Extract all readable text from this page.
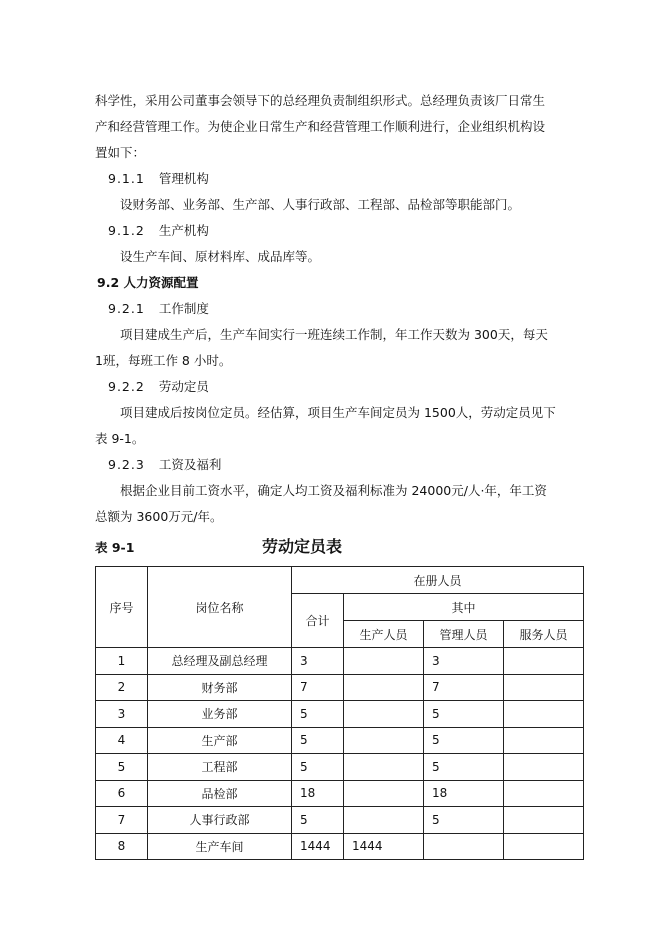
科学性，采用公司董事会领导下的总经理负责制组织形式。总经理负责该厂日常生
产和经营管理工作。为使企业日常生产和经营管理工作顺利进行，企业组织机构设
置如下：
9.1.1 管理机构
设财务部、业务部、生产部、人事行政部、工程部、品检部等职能部门。
9.1.2 生产机构
设生产车间、原材料库、成品库等。
9.2 人力资源配置
9.2.1 工作制度
项目建成生产后，生产车间实行一班连续工作制，年工作天数为 300天，每天
1班，每班工作 8 小时。
9.2.2 劳动定员
项目建成后按岗位定员。经估算，项目生产车间定员为 1500人，劳动定员见下
表 9-1。
9.2.3 工资及福利
根据企业目前工资水平，确定人均工资及福利标准为 24000元/人·年，年工资
总额为 3600万元/年。
表 9-1	劳动定员表
序号	岗位名称	在册人员			
		合计	其中		
			生产人员	管理人员	服务人员
1	总经理及副总经理	3		3	
2	财务部	7		7	
3	业务部	5		5	
4	生产部	5		5	
5	工程部	5		5	
6	品检部	18		18	
7	人事行政部	5		5	
8	生产车间	1444	1444		
